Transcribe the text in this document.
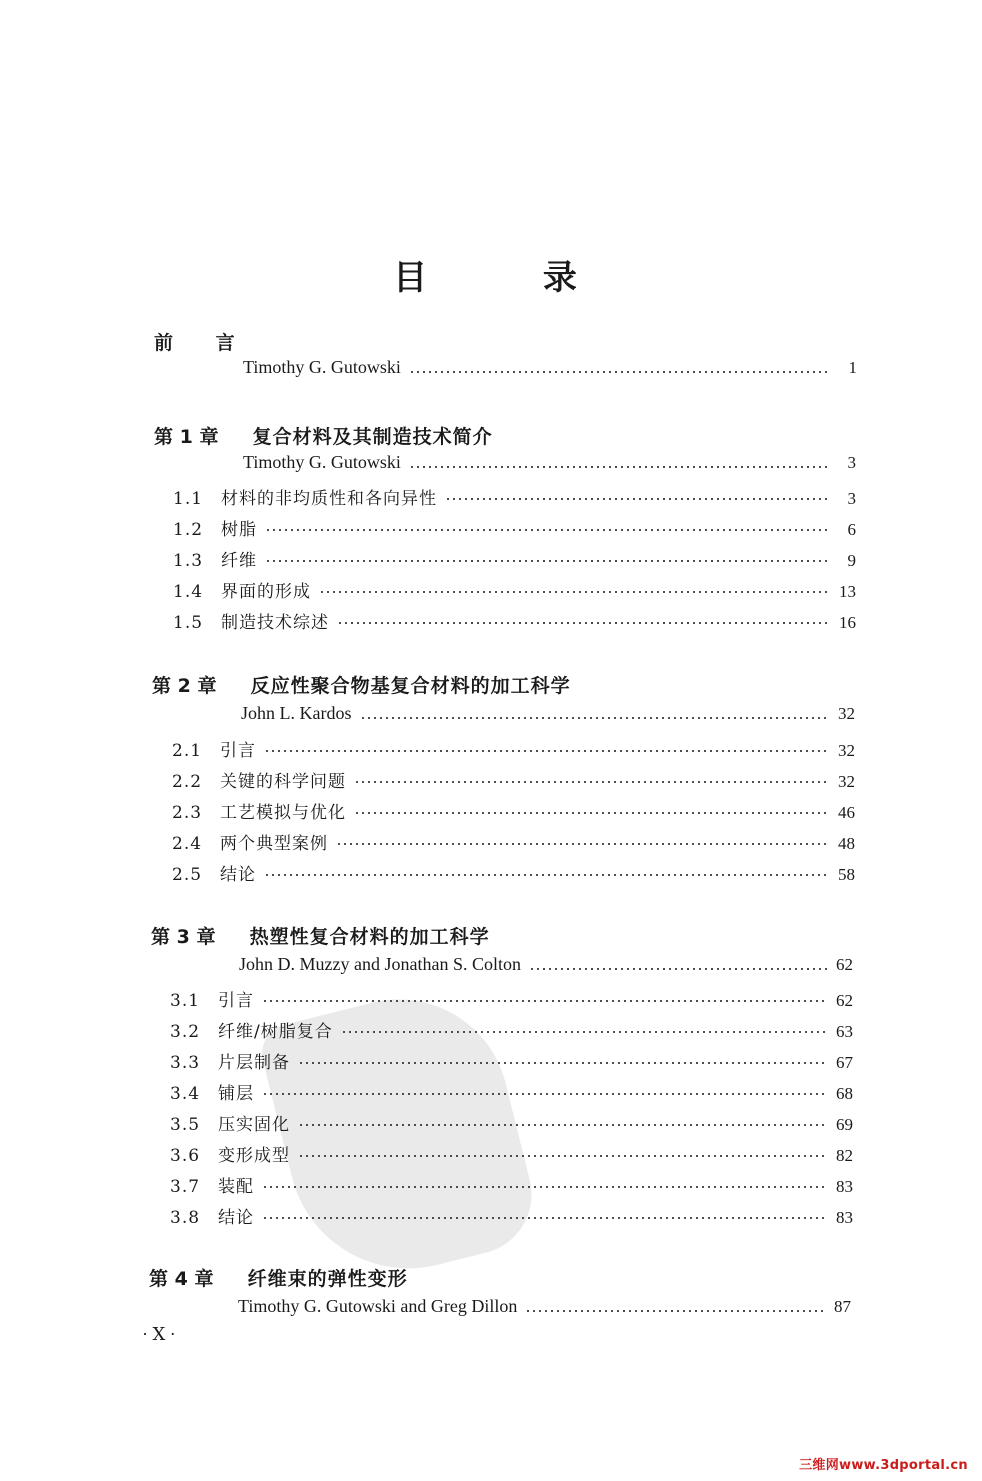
目 录
前 言
Timothy G. Gutowski	1
第 1 章 复合材料及其制造技术简介
Timothy G. Gutowski	3
1.1	材料的非均质性和各向异性	3
1.2	树脂	6
1.3	纤维	9
1.4	界面的形成	13
1.5	制造技术综述	16
第 2 章 反应性聚合物基复合材料的加工科学
John L. Kardos	32
2.1	引言	32
2.2	关键的科学问题	32
2.3	工艺模拟与优化	46
2.4	两个典型案例	48
2.5	结论	58
第 3 章 热塑性复合材料的加工科学
John D. Muzzy and Jonathan S. Colton	62
3.1	引言	62
3.2	纤维/树脂复合	63
3.3	片层制备	67
3.4	铺层	68
3.5	压实固化	69
3.6	变形成型	82
3.7	装配	83
3.8	结论	83
第 4 章 纤维束的弹性变形
Timothy G. Gutowski and Greg Dillon	87
· Ⅹ ·
三维网www.3dportal.cn
